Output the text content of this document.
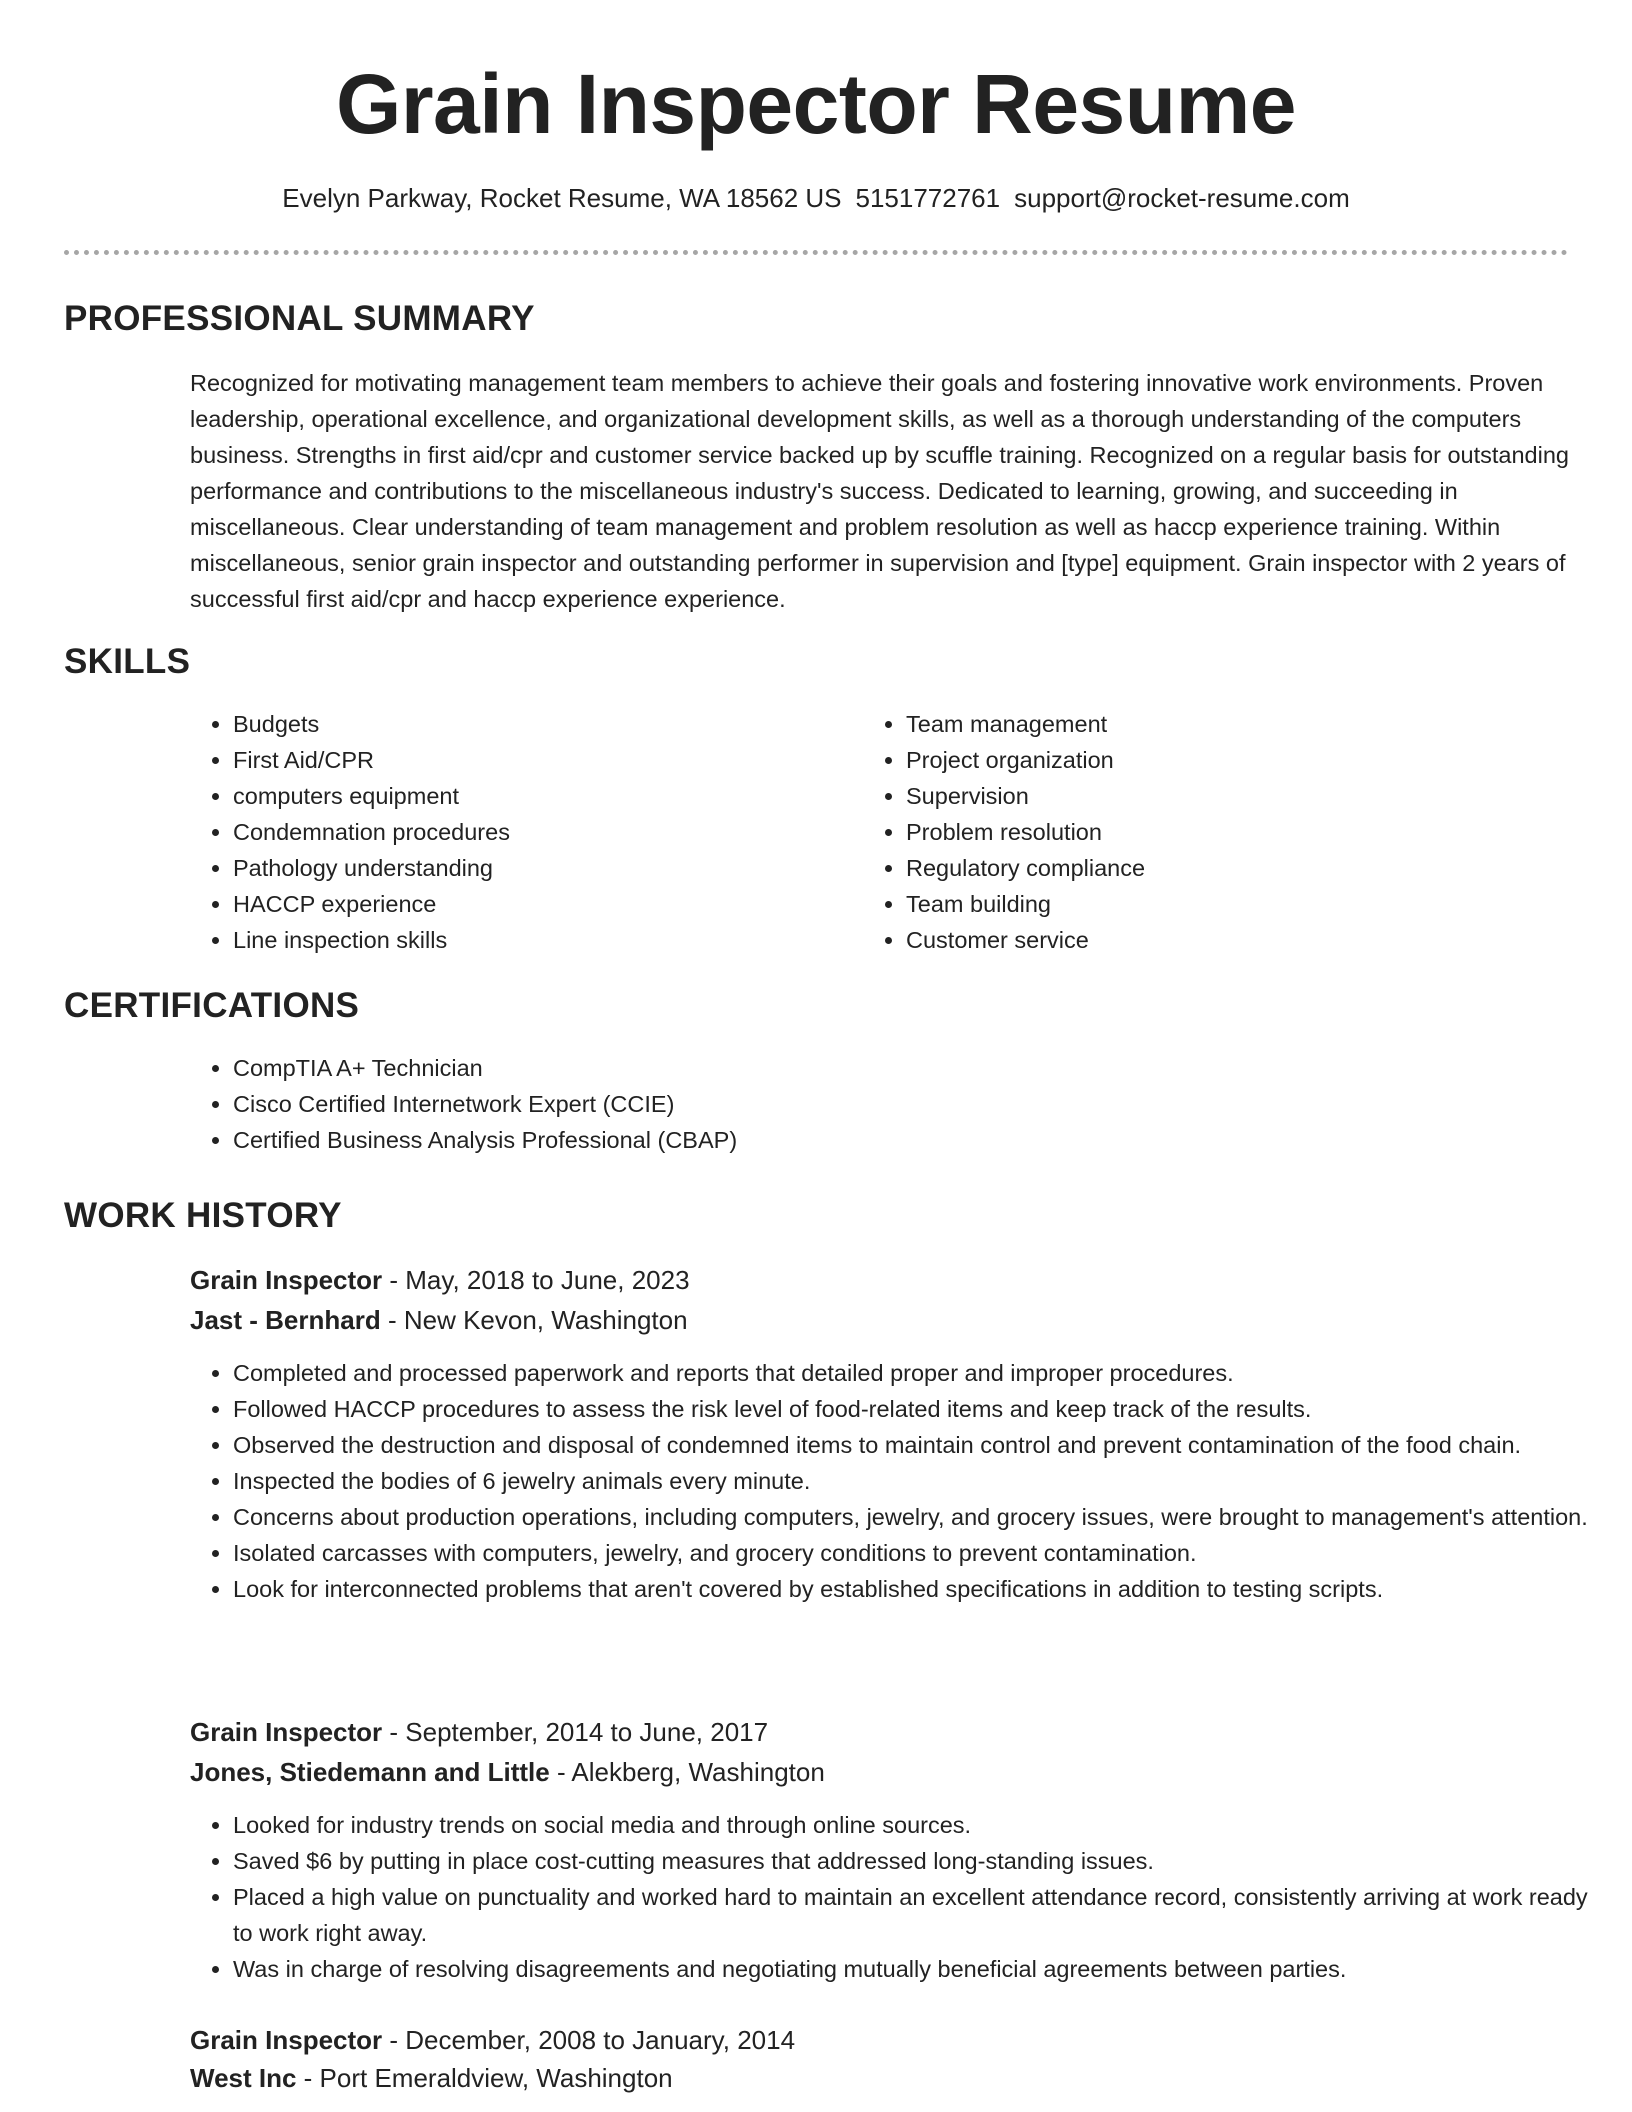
Grain Inspector Resume
Evelyn Parkway, Rocket Resume, WA 18562 US 5151772761 support@rocket-resume.com
PROFESSIONAL SUMMARY

Recognized for motivating management team members to achieve their goals and fostering innovative work environments. Proven leadership, operational excellence, and organizational development skills, as well as a thorough understanding of the computers business. Strengths in first aid/cpr and customer service backed up by scuffle training. Recognized on a regular basis for outstanding performance and contributions to the miscellaneous industry's success. Dedicated to learning, growing, and succeeding in miscellaneous. Clear understanding of team management and problem resolution as well as haccp experience training. Within miscellaneous, senior grain inspector and outstanding performer in supervision and [type] equipment. Grain inspector with 2 years of successful first aid/cpr and haccp experience experience.

SKILLS
• Budgets
• First Aid/CPR
• computers equipment
• Condemnation procedures
• Pathology understanding
• HACCP experience
• Line inspection skills
• Team management
• Project organization
• Supervision
• Problem resolution
• Regulatory compliance
• Team building
• Customer service
CERTIFICATIONS
• CompTIA A+ Technician
• Cisco Certified Internetwork Expert (CCIE)
• Certified Business Analysis Professional (CBAP)
WORK HISTORY
Grain Inspector - May, 2018 to June, 2023
Jast - Bernhard - New Kevon, Washington
• Completed and processed paperwork and reports that detailed proper and improper procedures.
• Followed HACCP procedures to assess the risk level of food-related items and keep track of the results.
• Observed the destruction and disposal of condemned items to maintain control and prevent contamination of the food chain.
• Inspected the bodies of 6 jewelry animals every minute.
• Concerns about production operations, including computers, jewelry, and grocery issues, were brought to management's attention.
• Isolated carcasses with computers, jewelry, and grocery conditions to prevent contamination.
• Look for interconnected problems that aren't covered by established specifications in addition to testing scripts.
Grain Inspector - September, 2014 to June, 2017
Jones, Stiedemann and Little - Alekberg, Washington
• Looked for industry trends on social media and through online sources.
• Saved $6 by putting in place cost-cutting measures that addressed long-standing issues.
• Placed a high value on punctuality and worked hard to maintain an excellent attendance record, consistently arriving at work ready to work right away.
• Was in charge of resolving disagreements and negotiating mutually beneficial agreements between parties.
Grain Inspector - December, 2008 to January, 2014
West Inc - Port Emeraldview, Washington
